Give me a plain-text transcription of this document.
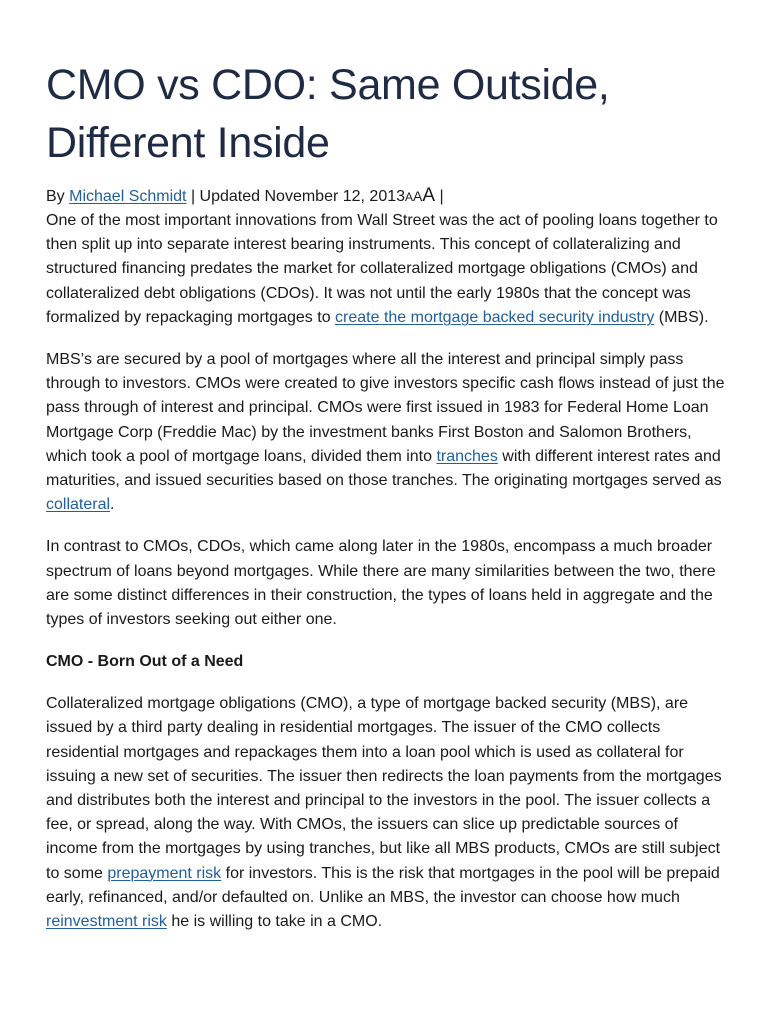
CMO vs CDO: Same Outside, Different Inside
By Michael Schmidt | Updated November 12, 2013AAA |

One of the most important innovations from Wall Street was the act of pooling loans together to then split up into separate interest bearing instruments. This concept of collateralizing and structured financing predates the market for collateralized mortgage obligations (CMOs) and collateralized debt obligations (CDOs). It was not until the early 1980s that the concept was formalized by repackaging mortgages to create the mortgage backed security industry (MBS).

MBS’s are secured by a pool of mortgages where all the interest and principal simply pass through to investors. CMOs were created to give investors specific cash flows instead of just the pass through of interest and principal. CMOs were first issued in 1983 for Federal Home Loan Mortgage Corp (Freddie Mac) by the investment banks First Boston and Salomon Brothers, which took a pool of mortgage loans, divided them into tranches with different interest rates and maturities, and issued securities based on those tranches. The originating mortgages served as collateral.

In contrast to CMOs, CDOs, which came along later in the 1980s, encompass a much broader spectrum of loans beyond mortgages. While there are many similarities between the two, there are some distinct differences in their construction, the types of loans held in aggregate and the types of investors seeking out either one.

CMO - Born Out of a Need

Collateralized mortgage obligations (CMO), a type of mortgage backed security (MBS), are issued by a third party dealing in residential mortgages. The issuer of the CMO collects residential mortgages and repackages them into a loan pool which is used as collateral for issuing a new set of securities. The issuer then redirects the loan payments from the mortgages and distributes both the interest and principal to the investors in the pool. The issuer collects a fee, or spread, along the way. With CMOs, the issuers can slice up predictable sources of income from the mortgages by using tranches, but like all MBS products, CMOs are still subject to some prepayment risk for investors. This is the risk that mortgages in the pool will be prepaid early, refinanced, and/or defaulted on. Unlike an MBS, the investor can choose how much reinvestment risk he is willing to take in a CMO.
